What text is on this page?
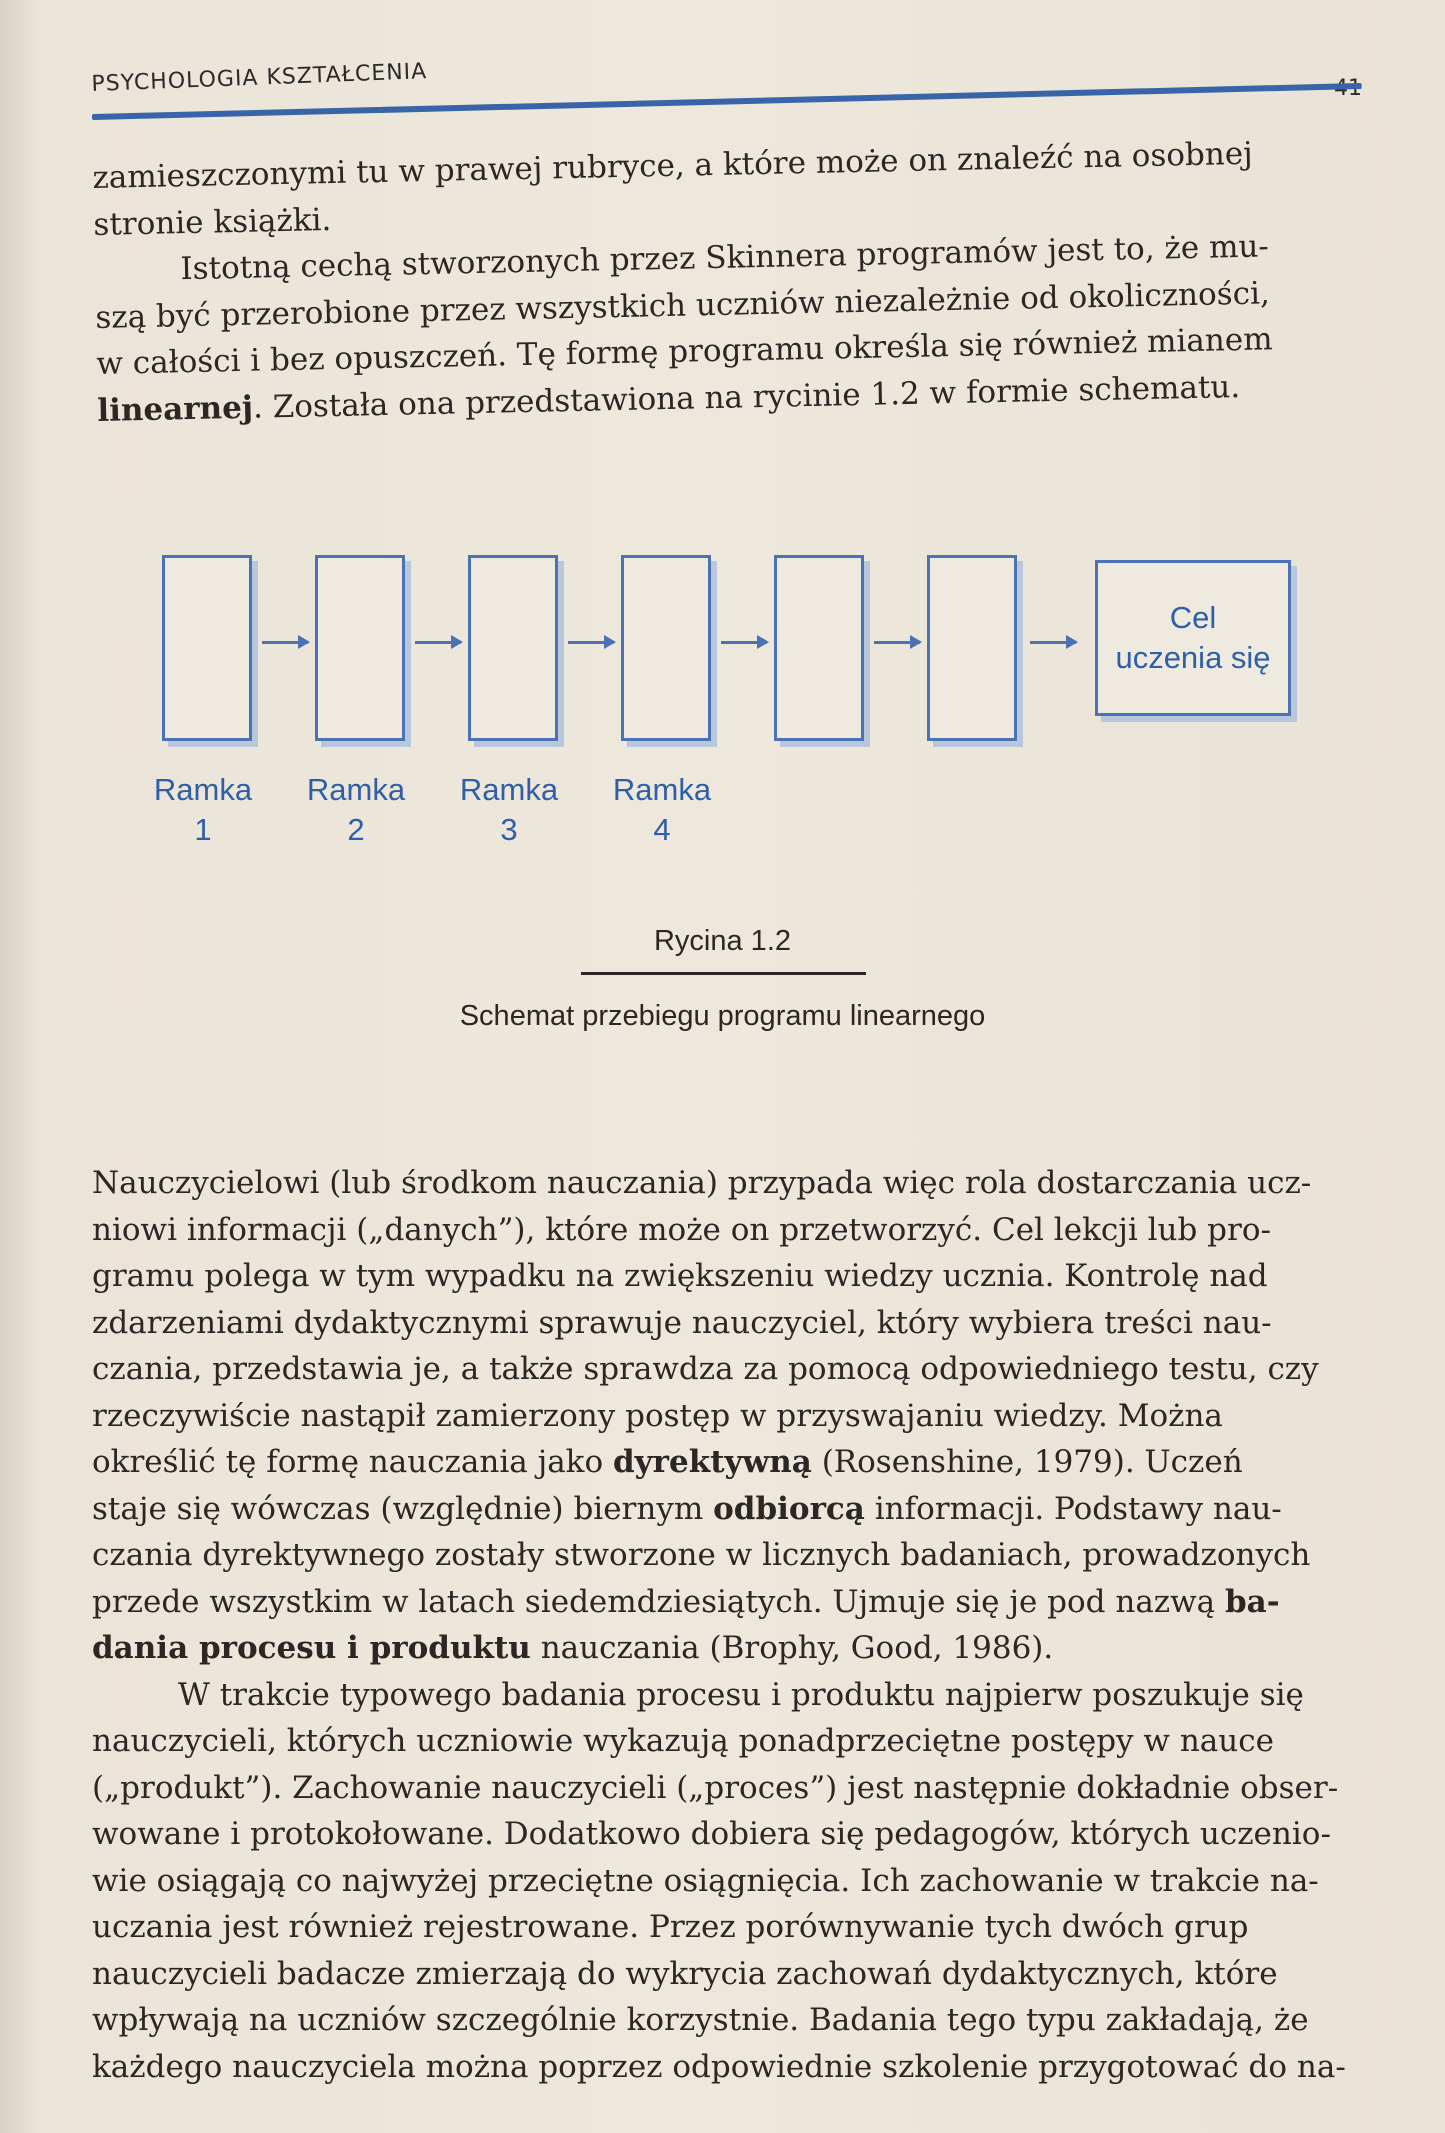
PSYCHOLOGIA KSZTAŁCENIA

zamieszczonymi tu w prawej rubryce, a które może on znaleźć na osobnej

stronie książki.

Istotną cechą stworzonych przez Skinnera programów jest to, że mu-

szą być przerobione przez wszystkich uczniów niezależnie od okoliczności,

w całości i bez opuszczeń. Tę formę programu określa się również mianem

linearnej. Została ona przedstawiona na rycinie 1.2 w formie schematu.

Cel
uczenia się
Ramka
1
Ramka
2
Ramka
3
Ramka
4
Rycina 1.2
Schemat przebiegu programu linearnego

Nauczycielowi (lub środkom nauczania) przypada więc rola dostarczania ucz-

niowi informacji („danych”), które może on przetworzyć. Cel lekcji lub pro-

gramu polega w tym wypadku na zwiększeniu wiedzy ucznia. Kontrolę nad

zdarzeniami dydaktycznymi sprawuje nauczyciel, który wybiera treści nau-

czania, przedstawia je, a także sprawdza za pomocą odpowiedniego testu, czy

rzeczywiście nastąpił zamierzony postęp w przyswajaniu wiedzy. Można

określić tę formę nauczania jako dyrektywną (Rosenshine, 1979). Uczeń

staje się wówczas (względnie) biernym odbiorcą informacji. Podstawy nau-

czania dyrektywnego zostały stworzone w licznych badaniach, prowadzonych

przede wszystkim w latach siedemdziesiątych. Ujmuje się je pod nazwą ba-

dania procesu i produktu nauczania (Brophy, Good, 1986).

W trakcie typowego badania procesu i produktu najpierw poszukuje się

nauczycieli, których uczniowie wykazują ponadprzeciętne postępy w nauce

(„produkt”). Zachowanie nauczycieli („proces”) jest następnie dokładnie obser-

wowane i protokołowane. Dodatkowo dobiera się pedagogów, których uczenio-

wie osiągają co najwyżej przeciętne osiągnięcia. Ich zachowanie w trakcie na-

uczania jest również rejestrowane. Przez porównywanie tych dwóch grup

nauczycieli badacze zmierzają do wykrycia zachowań dydaktycznych, które

wpływają na uczniów szczególnie korzystnie. Badania tego typu zakładają, że

każdego nauczyciela można poprzez odpowiednie szkolenie przygotować do na-
